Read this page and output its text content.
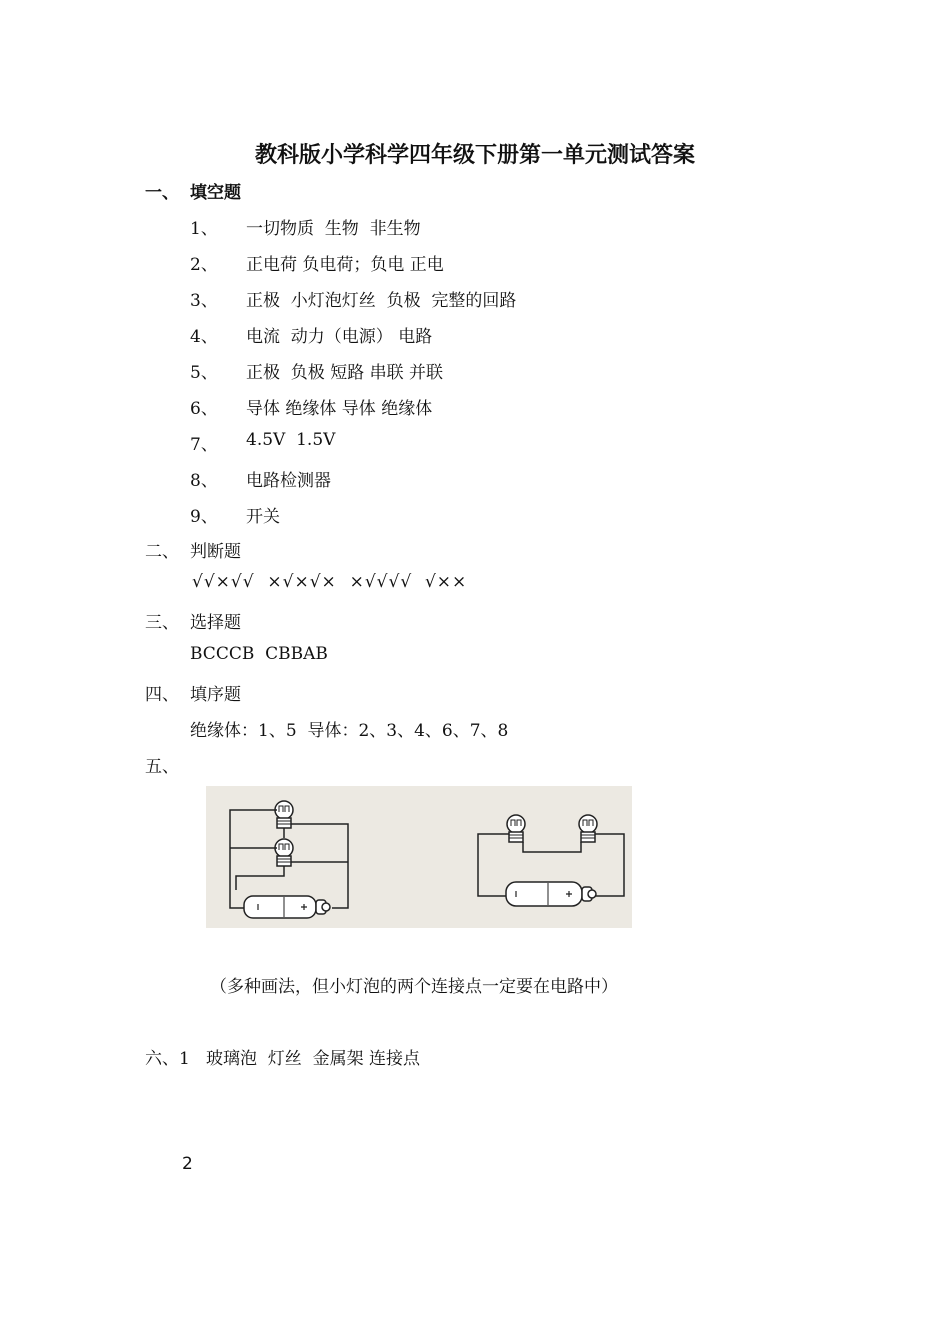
教科版小学科学四年级下册第一单元测试答案
一、 填空题
1、 一切物质  生物  非生物
2、 正电荷 负电荷；负电 正电
3、 正极  小灯泡灯丝  负极  完整的回路
4、 电流  动力（电源） 电路
5、 正极  负极 短路 串联 并联
6、 导体 绝缘体 导体 绝缘体
7、 4.5V  1.5V
8、 电路检测器
9、 开关
二、 判断题
√√×√√  ×√×√×  ×√√√√  √××
三、 选择题
BCCCB  CBBAB
四、 填序题
绝缘体：1、5  导体：2、3、4、6、7、8
五、
（多种画法，但小灯泡的两个连接点一定要在电路中）
六、1 玻璃泡  灯丝  金属架 连接点
2
